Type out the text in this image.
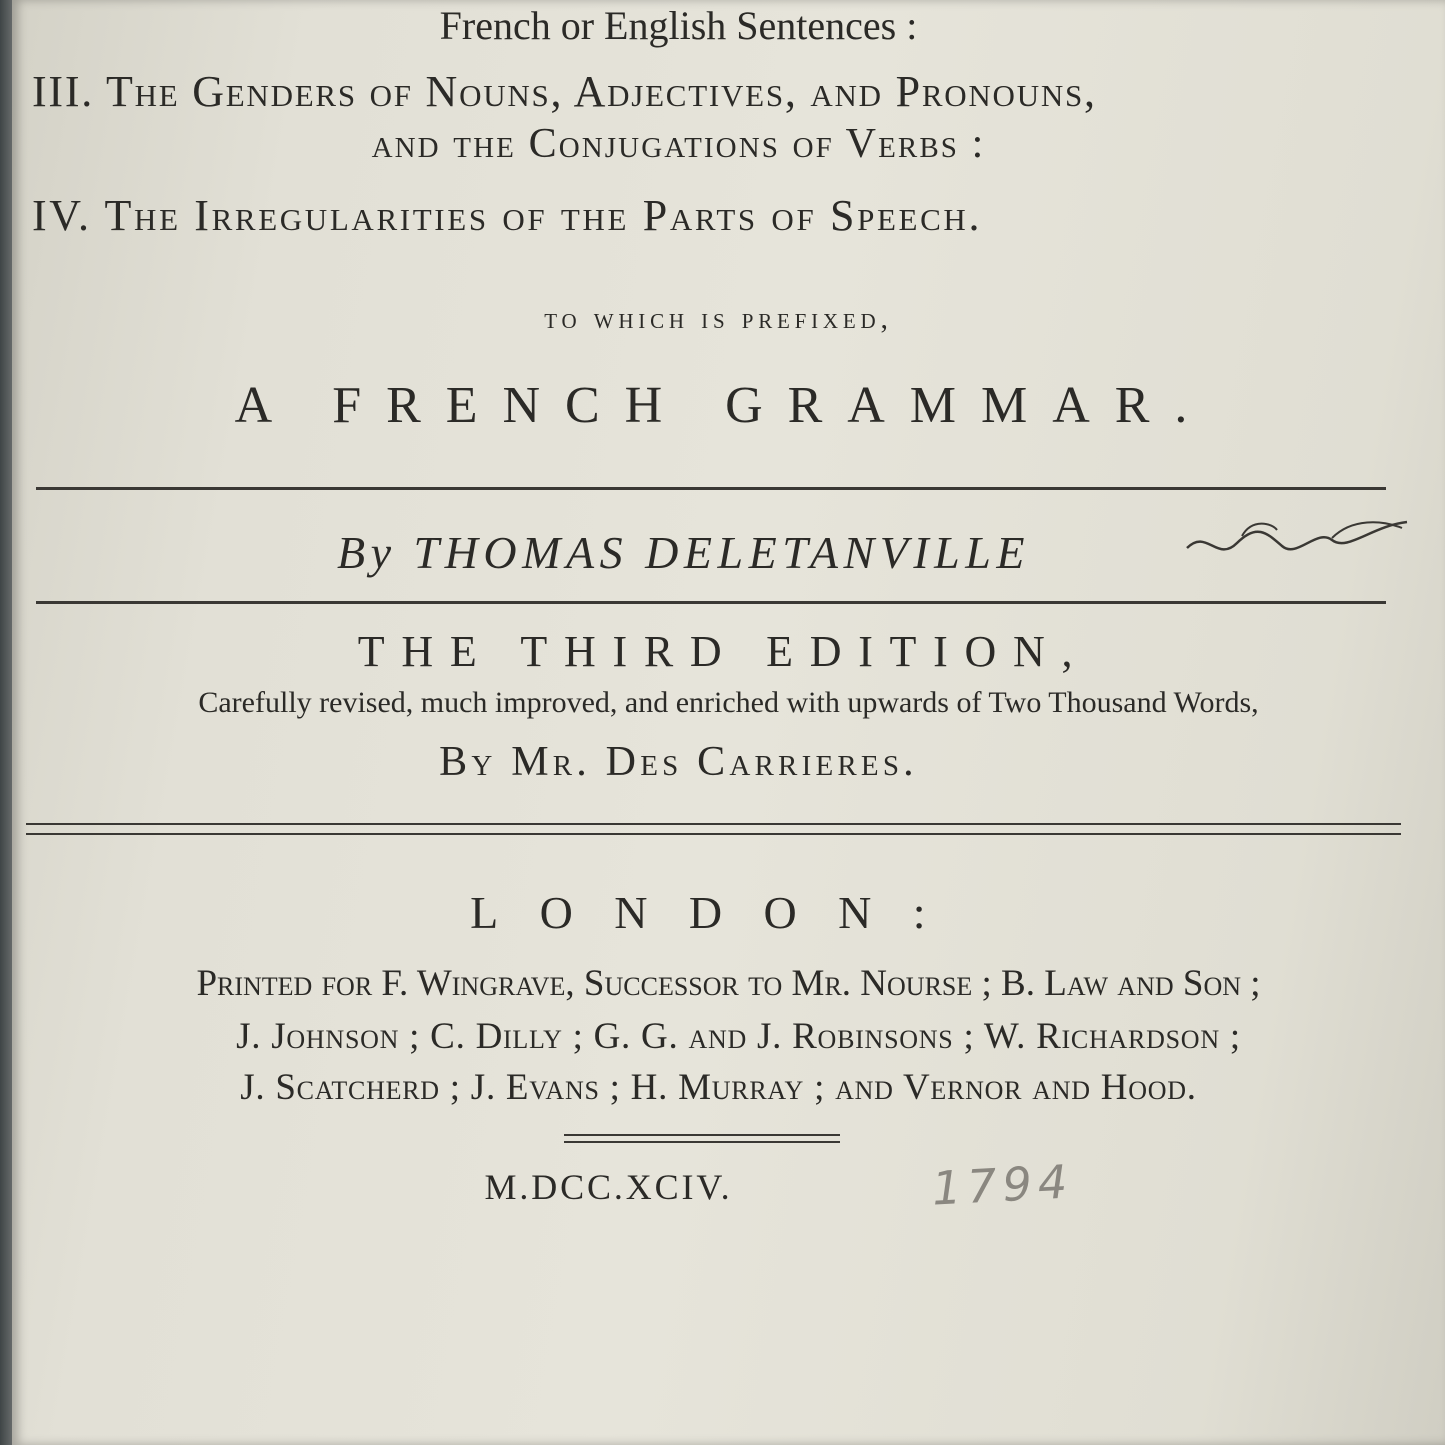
French or English Sentences :
III. The Genders of Nouns, Adjectives, and Pronouns,
and the Conjugations of Verbs :
IV. The Irregularities of the Parts of Speech.
to which is prefixed,
A FRENCH GRAMMAR.
By THOMAS DELETANVILLE
THE THIRD EDITION,
Carefully revised, much improved, and enriched with upwards of Two Thousand Words,
By Mr. Des Carrieres.
LONDON:
Printed for F. Wingrave, Successor to Mr. Nourse ; B. Law and Son ;
J. Johnson ; C. Dilly ; G. G. and J. Robinsons ; W. Richardson ;
J. Scatcherd ; J. Evans ; H. Murray ; and Vernor and Hood.
M.DCC.XCIV.	1794
